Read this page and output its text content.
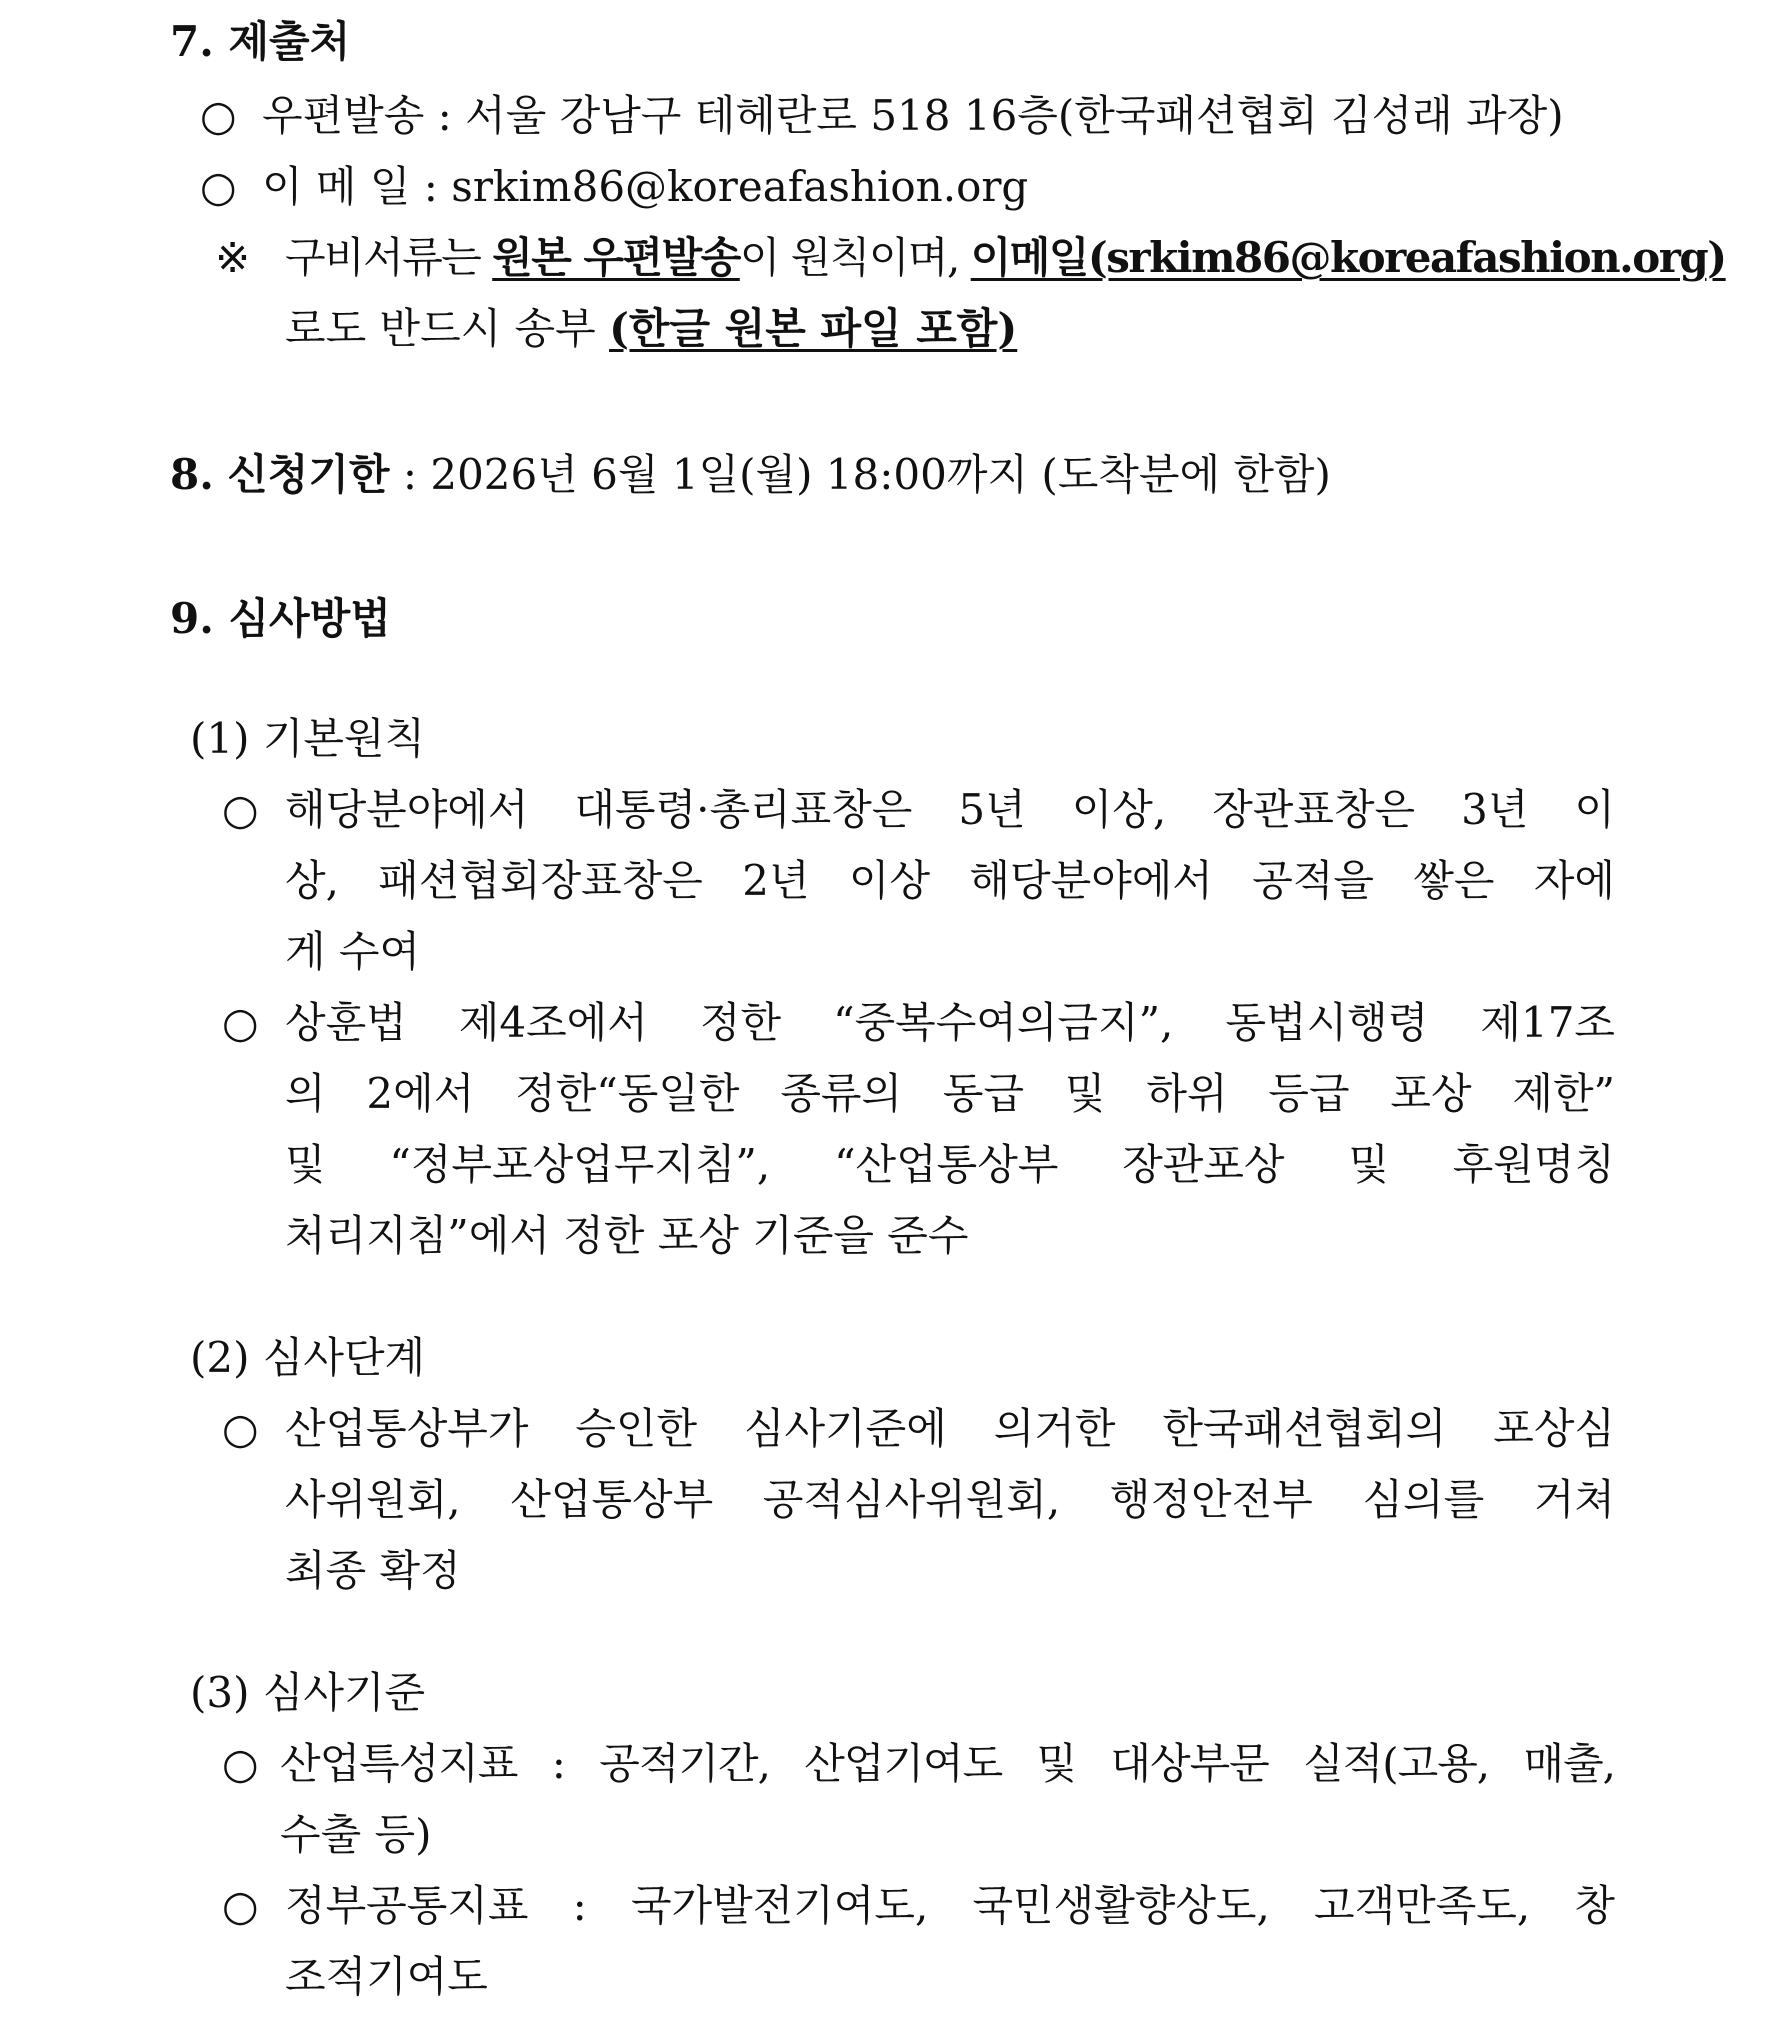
7. 제출처
○ 우편발송 : 서울 강남구 테헤란로 518 16층(한국패션협회 김성래 과장)
○ 이 메 일 : srkim86@koreafashion.org
※ 구비서류는 원본 우편발송이 원칙이며, 이메일(srkim86@koreafashion.org)
로도 반드시 송부 (한글 원본 파일 포함)
8. 신청기한 : 2026년 6월 1일(월) 18:00까지 (도착분에 한함)
9. 심사방법
(1) 기본원칙
○ 해당분야에서 대통령·총리표창은 5년 이상, 장관표창은 3년 이
상, 패션협회장표창은 2년 이상 해당분야에서 공적을 쌓은 자에
게 수여
○ 상훈법 제4조에서 정한 “중복수여의금지”, 동법시행령 제17조
의 2에서 정한“동일한 종류의 동급 및 하위 등급 포상 제한”
및 “정부포상업무지침”, “산업통상부 장관포상 및 후원명칭
처리지침”에서 정한 포상 기준을 준수
(2) 심사단계
○ 산업통상부가 승인한 심사기준에 의거한 한국패션협회의 포상심
사위원회, 산업통상부 공적심사위원회, 행정안전부 심의를 거쳐
최종 확정
(3) 심사기준
○ 산업특성지표 : 공적기간, 산업기여도 및 대상부문 실적(고용, 매출,
수출 등)
○ 정부공통지표 : 국가발전기여도, 국민생활향상도, 고객만족도, 창
조적기여도
